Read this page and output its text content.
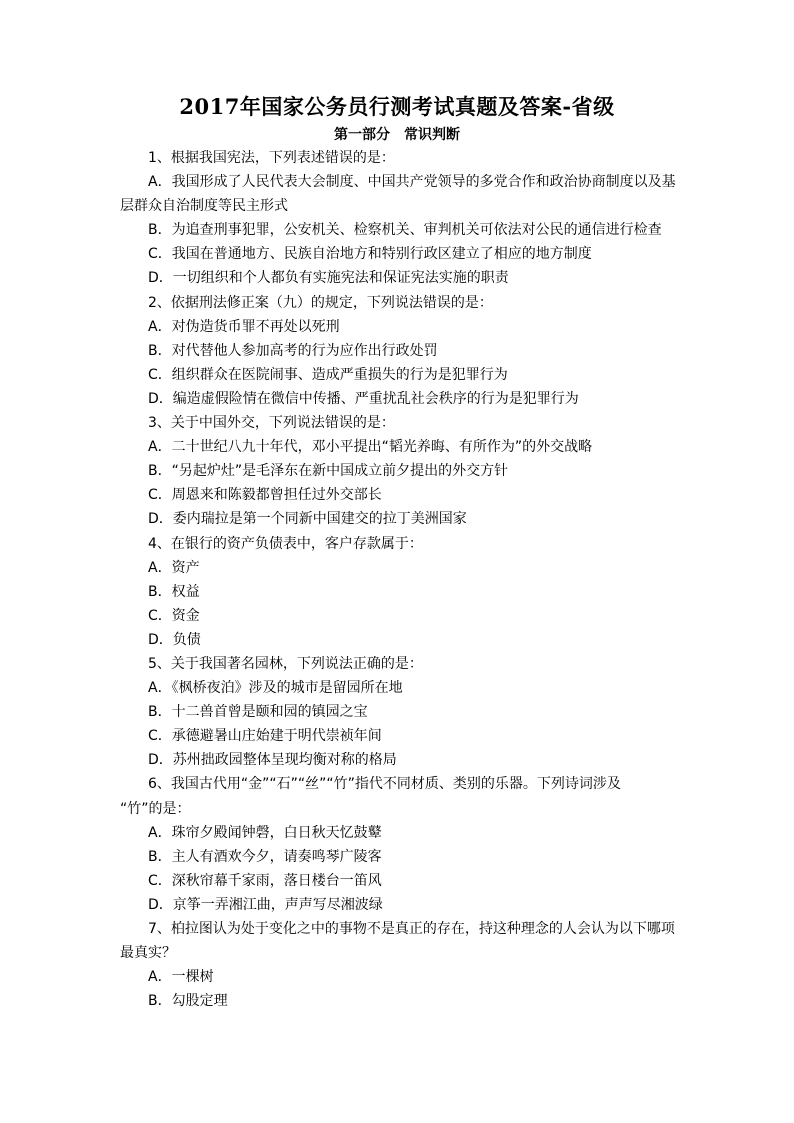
2017年国家公务员行测考试真题及答案-省级
第一部分 常识判断
1、根据我国宪法，下列表述错误的是：
A．我国形成了人民代表大会制度、中国共产党领导的多党合作和政治协商制度以及基
层群众自治制度等民主形式
B．为追查刑事犯罪，公安机关、检察机关、审判机关可依法对公民的通信进行检查
C．我国在普通地方、民族自治地方和特别行政区建立了相应的地方制度
D．一切组织和个人都负有实施宪法和保证宪法实施的职责
2、依据刑法修正案（九）的规定，下列说法错误的是：
A．对伪造货币罪不再处以死刑
B．对代替他人参加高考的行为应作出行政处罚
C．组织群众在医院闹事、造成严重损失的行为是犯罪行为
D．编造虚假险情在微信中传播、严重扰乱社会秩序的行为是犯罪行为
3、关于中国外交，下列说法错误的是：
A．二十世纪八九十年代，邓小平提出“韬光养晦、有所作为”的外交战略
B．“另起炉灶”是毛泽东在新中国成立前夕提出的外交方针
C．周恩来和陈毅都曾担任过外交部长
D．委内瑞拉是第一个同新中国建交的拉丁美洲国家
4、在银行的资产负债表中，客户存款属于：
A．资产
B．权益
C．资金
D．负债
5、关于我国著名园林，下列说法正确的是：
A．《枫桥夜泊》涉及的城市是留园所在地
B．十二兽首曾是颐和园的镇园之宝
C．承德避暑山庄始建于明代崇祯年间
D．苏州拙政园整体呈现均衡对称的格局
6、我国古代用“金”“石”“丝”“竹”指代不同材质、类别的乐器。下列诗词涉及
“竹”的是：
A．珠帘夕殿闻钟磬，白日秋天忆鼓鼙
B．主人有酒欢今夕，请奏鸣琴广陵客
C．深秋帘幕千家雨，落日楼台一笛风
D．京筝一弄湘江曲，声声写尽湘波绿
7、柏拉图认为处于变化之中的事物不是真正的存在，持这种理念的人会认为以下哪项
最真实？
A．一棵树
B．勾股定理
